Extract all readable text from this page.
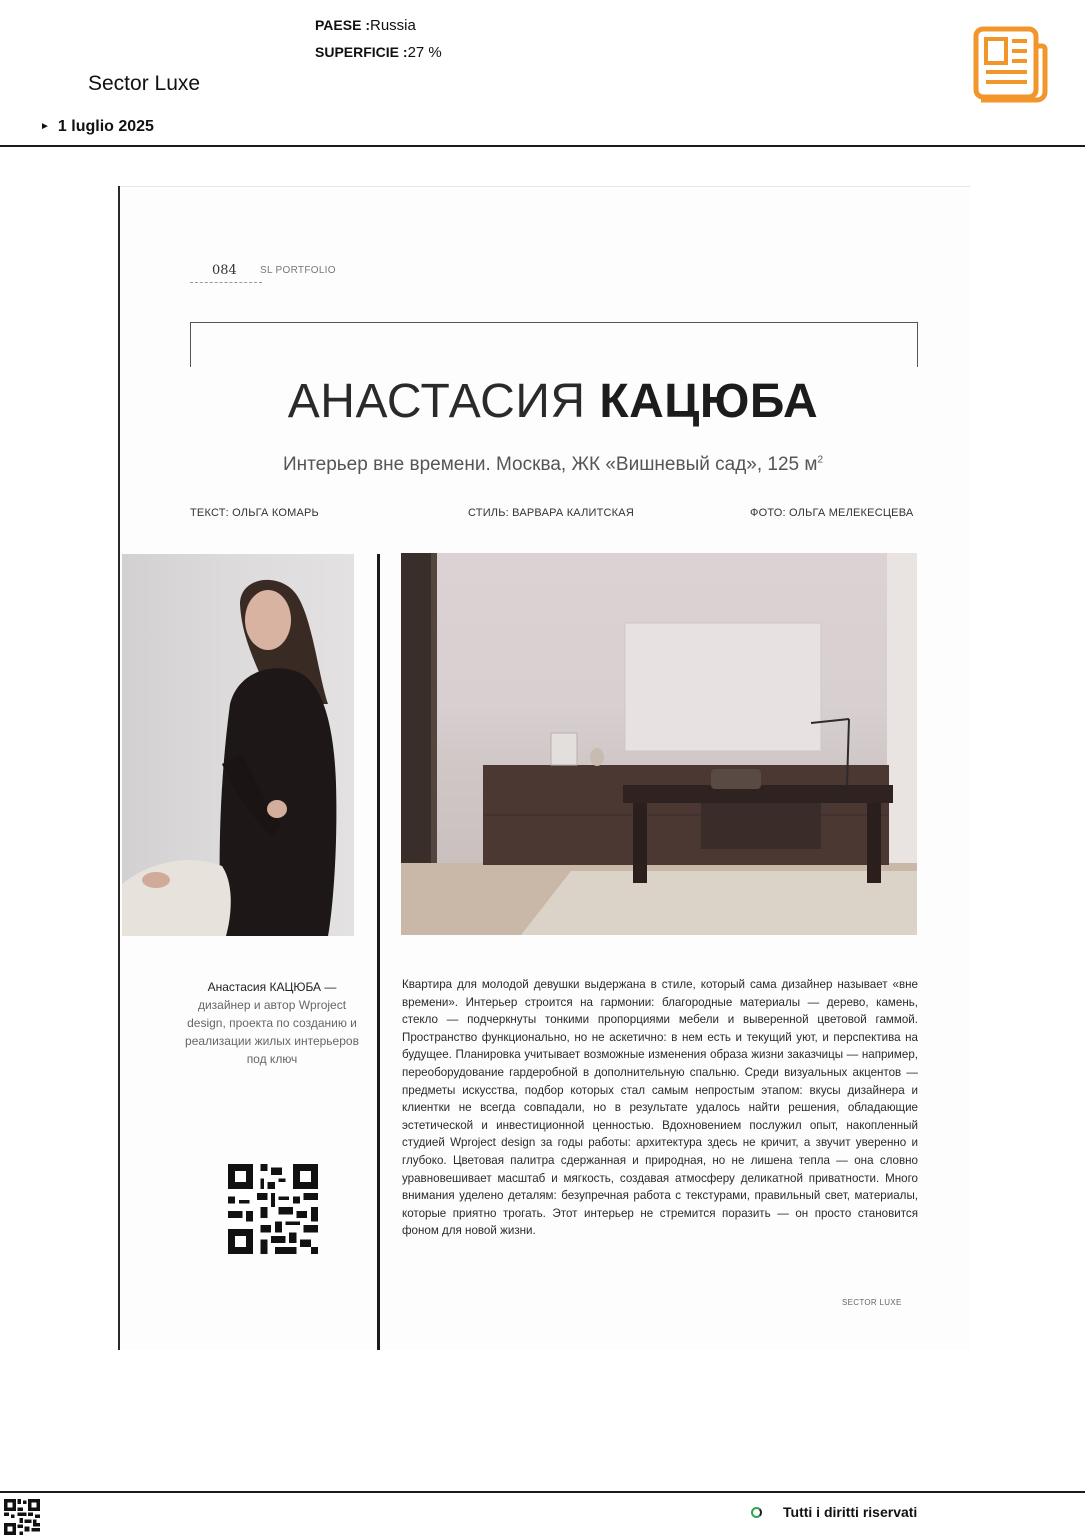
PAESE :Russia
SUPERFICIE :27 %
Sector Luxe
► 1 luglio 2025
084 SL PORTFOLIO
АНАСТАСИЯ КАЦЮБА
Интерьер вне времени. Москва, ЖК «Вишневый сад», 125 $м^2$
ТЕКСТ: ОЛЬГА КОМАРЬ	СТИЛЬ: ВАРВАРА КАЛИТСКАЯ	ФОТО: ОЛЬГА МЕЛЕКЕСЦЕВА
Анастасия КАЦЮБА — дизайнер и автор Wproject design, проекта по созданию и реализации жилых интерьеров под ключ
Квартира для молодой девушки выдержана в стиле, который сама дизайнер называет «вне времени». Интерьер строится на гармонии: благородные материалы — дерево, камень, стекло — подчеркнуты тонкими пропорциями мебели и выверенной цветовой гаммой. Пространство функционально, но не аскетично: в нем есть и текущий уют, и перспектива на будущее. Планировка учитывает возможные изменения образа жизни заказчицы — например, переоборудование гардеробной в дополнительную спальню. Среди визуальных акцентов — предметы искусства, подбор которых стал самым непростым этапом: вкусы дизайнера и клиентки не всегда совпадали, но в результате удалось найти решения, обладающие эстетической и инвестиционной ценностью. Вдохновением послужил опыт, накопленный студией Wproject design за годы работы: архитектура здесь не кричит, а звучит уверенно и глубоко. Цветовая палитра сдержанная и природная, но не лишена тепла — она словно уравновешивает масштаб и мягкость, создавая атмосферу деликатной приватности. Много внимания уделено деталям: безупречная работа с текстурами, правильный свет, материалы, которые приятно трогать. Этот интерьер не стремится поразить — он просто становится фоном для новой жизни.
SECTOR LUXE
Tutti i diritti riservati
